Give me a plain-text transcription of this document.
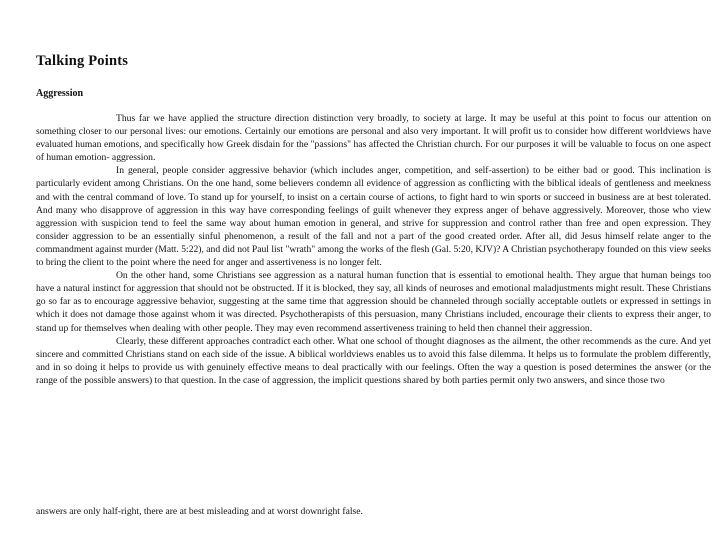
Talking Points
Aggression

Thus far we have applied the structure direction distinction very broadly, to society at large. It may be useful at this point to focus our attention on something closer to our personal lives: our emotions. Certainly our emotions are personal and also very important. It will profit us to consider how different worldviews have evaluated human emotions, and specifically how Greek disdain for the "passions" has affected the Christian church. For our purposes it will be valuable to focus on one aspect of human emotion- aggression.

In general, people consider aggressive behavior (which includes anger, competition, and self-assertion) to be either bad or good. This inclination is particularly evident among Christians. On the one hand, some believers condemn all evidence of aggression as conflicting with the biblical ideals of gentleness and meekness and with the central command of love. To stand up for yourself, to insist on a certain course of actions, to fight hard to win sports or succeed in business are at best tolerated. And many who disapprove of aggression in this way have corresponding feelings of guilt whenever they express anger of behave aggressively. Moreover, those who view aggression with suspicion tend to feel the same way about human emotion in general, and strive for suppression and control rather than free and open expression. They consider aggression to be an essentially sinful phenomenon, a result of the fall and not a part of the good created order. After all, did Jesus himself relate anger to the commandment against murder (Matt. 5:22), and did not Paul list "wrath" among the works of the flesh (Gal. 5:20, KJV)? A Christian psychotherapy founded on this view seeks to bring the client to the point where the need for anger and assertiveness is no longer felt.

On the other hand, some Christians see aggression as a natural human function that is essential to emotional health. They argue that human beings too have a natural instinct for aggression that should not be obstructed. If it is blocked, they say, all kinds of neuroses and emotional maladjustments might result. These Christians go so far as to encourage aggressive behavior, suggesting at the same time that aggression should be channeled through socially acceptable outlets or expressed in settings in which it does not damage those against whom it was directed. Psychotherapists of this persuasion, many Christians included, encourage their clients to express their anger, to stand up for themselves when dealing with other people. They may even recommend assertiveness training to held then channel their aggression.

Clearly, these different approaches contradict each other. What one school of thought diagnoses as the ailment, the other recommends as the cure. And yet sincere and committed Christians stand on each side of the issue. A biblical worldviews enables us to avoid this false dilemma. It helps us to formulate the problem differently, and in so doing it helps to provide us with genuinely effective means to deal practically with our feelings. Often the way a question is posed determines the answer (or the range of the possible answers) to that question. In the case of aggression, the implicit questions shared by both parties permit only two answers, and since those two

answers are only half-right, there are at best misleading and at worst downright false.
